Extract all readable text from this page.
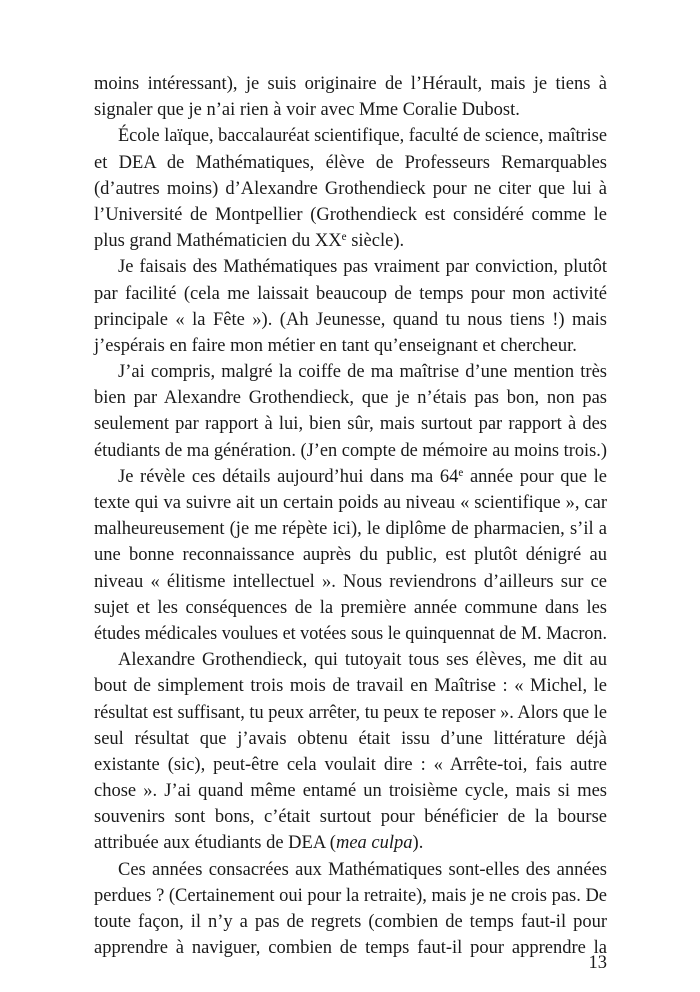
moins intéressant), je suis originaire de l’Hérault, mais je tiens à
signaler que je n’ai rien à voir avec Mme Coralie Dubost.
École laïque, baccalauréat scientifique, faculté de science, maîtrise
et DEA de Mathématiques, élève de Professeurs Remarquables
(d’autres moins) d’Alexandre Grothendieck pour ne citer que lui à
l’Université de Montpellier (Grothendieck est considéré comme le
plus grand Mathématicien du XXe siècle).
Je faisais des Mathématiques pas vraiment par conviction, plutôt
par facilité (cela me laissait beaucoup de temps pour mon activité
principale « la Fête »). (Ah Jeunesse, quand tu nous tiens !) mais
j’espérais en faire mon métier en tant qu’enseignant et chercheur.
J’ai compris, malgré la coiffe de ma maîtrise d’une mention très
bien par Alexandre Grothendieck, que je n’étais pas bon, non pas
seulement par rapport à lui, bien sûr, mais surtout par rapport à des
étudiants de ma génération. (J’en compte de mémoire au moins trois.)
Je révèle ces détails aujourd’hui dans ma 64e année pour que le
texte qui va suivre ait un certain poids au niveau « scientifique », car
malheureusement (je me répète ici), le diplôme de pharmacien, s’il a
une bonne reconnaissance auprès du public, est plutôt dénigré au
niveau « élitisme intellectuel ». Nous reviendrons d’ailleurs sur ce
sujet et les conséquences de la première année commune dans les
études médicales voulues et votées sous le quinquennat de M. Macron.
Alexandre Grothendieck, qui tutoyait tous ses élèves, me dit au
bout de simplement trois mois de travail en Maîtrise : « Michel, le
résultat est suffisant, tu peux arrêter, tu peux te reposer ». Alors que le
seul résultat que j’avais obtenu était issu d’une littérature déjà
existante (sic), peut-être cela voulait dire : « Arrête-toi, fais autre
chose ». J’ai quand même entamé un troisième cycle, mais si mes
souvenirs sont bons, c’était surtout pour bénéficier de la bourse
attribuée aux étudiants de DEA (mea culpa).
Ces années consacrées aux Mathématiques sont-elles des années
perdues ? (Certainement oui pour la retraite), mais je ne crois pas. De
toute façon, il n’y a pas de regrets (combien de temps faut-il pour
apprendre à naviguer, combien de temps faut-il pour apprendre la
13
